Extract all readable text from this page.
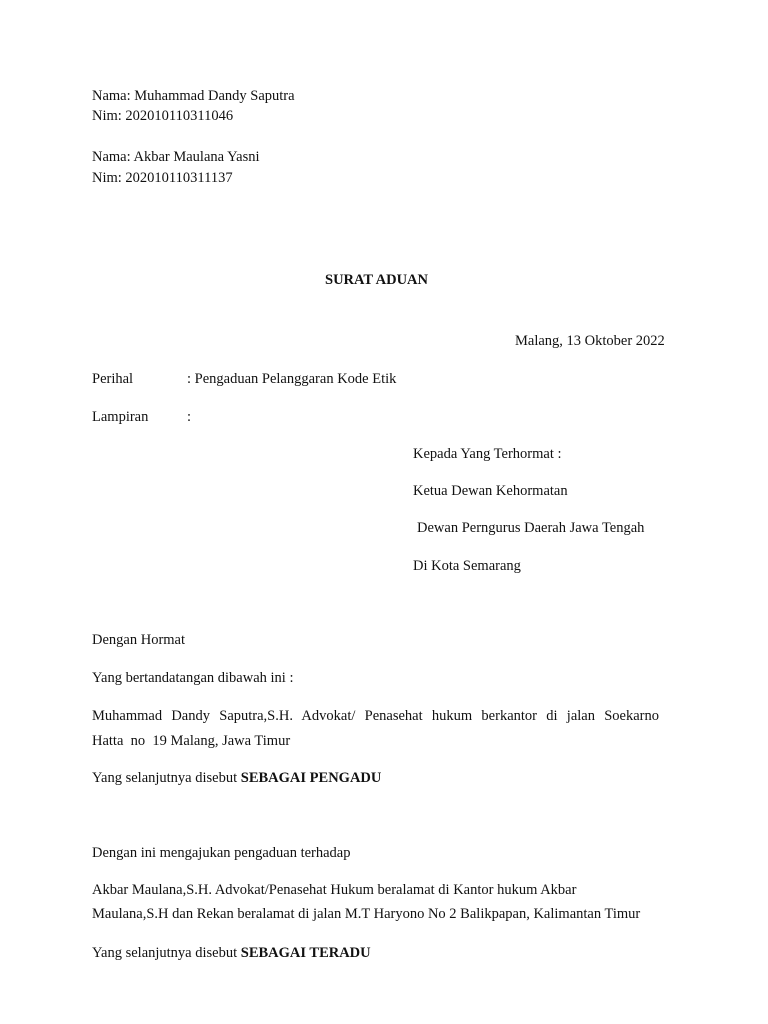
Nama: Muhammad Dandy Saputra
Nim: 202010110311046
Nama: Akbar Maulana Yasni
Nim: 202010110311137
SURAT ADUAN
Malang, 13 Oktober 2022
Perihal	: Pengaduan Pelanggaran Kode Etik
Lampiran	:
Kepada Yang Terhormat :
Ketua Dewan Kehormatan
Dewan Perngurus Daerah Jawa Tengah
Di Kota Semarang
Dengan Hormat
Yang bertandatangan dibawah ini :
Muhammad Dandy Saputra,S.H. Advokat/ Penasehat hukum berkantor di jalan Soekarno
Hatta  no  19 Malang, Jawa Timur
Yang selanjutnya disebut SEBAGAI PENGADU
Dengan ini mengajukan pengaduan terhadap
Akbar Maulana,S.H. Advokat/Penasehat Hukum beralamat di Kantor hukum Akbar
Maulana,S.H dan Rekan beralamat di jalan M.T Haryono No 2 Balikpapan, Kalimantan Timur
Yang selanjutnya disebut SEBAGAI TERADU
